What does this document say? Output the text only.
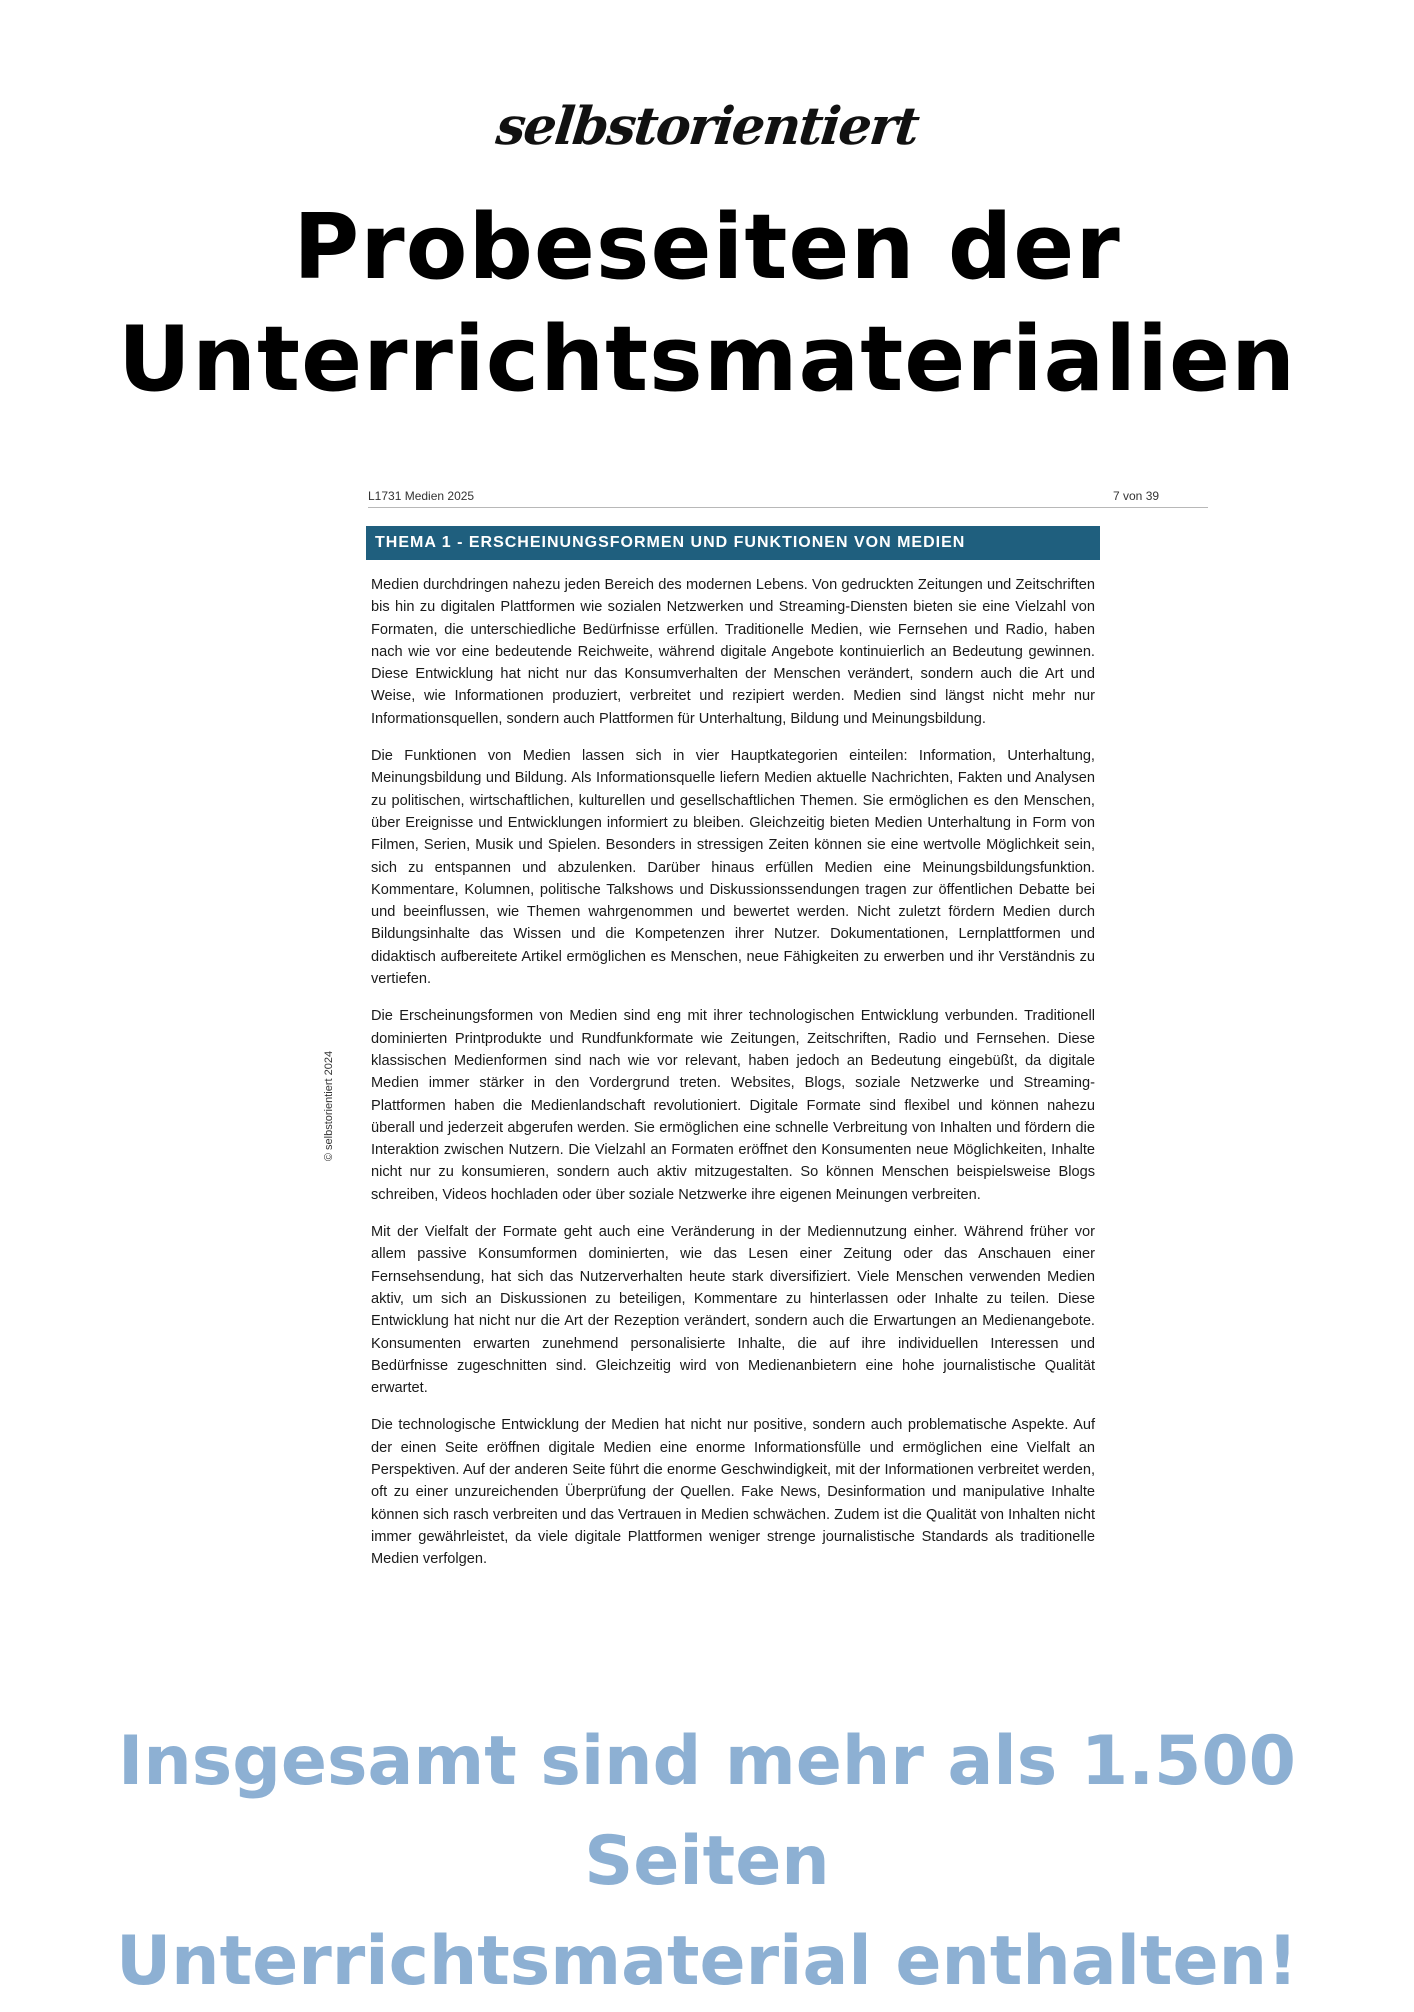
selbstorientiert
Probeseiten der
Unterrichtsmaterialien
L1731 Medien 2025	7 von 39
THEMA 1 - ERSCHEINUNGSFORMEN UND FUNKTIONEN VON MEDIEN

Medien durchdringen nahezu jeden Bereich des modernen Lebens. Von gedruckten Zeitungen und Zeitschriften bis hin zu digitalen Plattformen wie sozialen Netzwerken und Streaming-Diensten bieten sie eine Vielzahl von Formaten, die unterschiedliche Bedürfnisse erfüllen. Traditionelle Medien, wie Fernsehen und Radio, haben nach wie vor eine bedeutende Reichweite, während digitale Angebote kontinuierlich an Bedeutung gewinnen. Diese Entwicklung hat nicht nur das Konsumverhalten der Menschen verändert, sondern auch die Art und Weise, wie Informationen produziert, verbreitet und rezipiert werden. Medien sind längst nicht mehr nur Informationsquellen, sondern auch Plattformen für Unterhaltung, Bildung und Meinungsbildung.

Die Funktionen von Medien lassen sich in vier Hauptkategorien einteilen: Information, Unterhaltung, Meinungsbildung und Bildung. Als Informationsquelle liefern Medien aktuelle Nachrichten, Fakten und Analysen zu politischen, wirtschaftlichen, kulturellen und gesellschaftlichen Themen. Sie ermöglichen es den Menschen, über Ereignisse und Entwicklungen informiert zu bleiben. Gleichzeitig bieten Medien Unterhaltung in Form von Filmen, Serien, Musik und Spielen. Besonders in stressigen Zeiten können sie eine wertvolle Möglichkeit sein, sich zu entspannen und abzulenken. Darüber hinaus erfüllen Medien eine Meinungsbildungsfunktion. Kommentare, Kolumnen, politische Talkshows und Diskussionssendungen tragen zur öffentlichen Debatte bei und beeinflussen, wie Themen wahrgenommen und bewertet werden. Nicht zuletzt fördern Medien durch Bildungsinhalte das Wissen und die Kompetenzen ihrer Nutzer. Dokumentationen, Lernplattformen und didaktisch aufbereitete Artikel ermöglichen es Menschen, neue Fähigkeiten zu erwerben und ihr Verständnis zu vertiefen.

Die Erscheinungsformen von Medien sind eng mit ihrer technologischen Entwicklung verbunden. Traditionell dominierten Printprodukte und Rundfunkformate wie Zeitungen, Zeitschriften, Radio und Fernsehen. Diese klassischen Medienformen sind nach wie vor relevant, haben jedoch an Bedeutung eingebüßt, da digitale Medien immer stärker in den Vordergrund treten. Websites, Blogs, soziale Netzwerke und Streaming-Plattformen haben die Medienlandschaft revolutioniert. Digitale Formate sind flexibel und können nahezu überall und jederzeit abgerufen werden. Sie ermöglichen eine schnelle Verbreitung von Inhalten und fördern die Interaktion zwischen Nutzern. Die Vielzahl an Formaten eröffnet den Konsumenten neue Möglichkeiten, Inhalte nicht nur zu konsumieren, sondern auch aktiv mitzugestalten. So können Menschen beispielsweise Blogs schreiben, Videos hochladen oder über soziale Netzwerke ihre eigenen Meinungen verbreiten.

Mit der Vielfalt der Formate geht auch eine Veränderung in der Mediennutzung einher. Während früher vor allem passive Konsumformen dominierten, wie das Lesen einer Zeitung oder das Anschauen einer Fernsehsendung, hat sich das Nutzerverhalten heute stark diversifiziert. Viele Menschen verwenden Medien aktiv, um sich an Diskussionen zu beteiligen, Kommentare zu hinterlassen oder Inhalte zu teilen. Diese Entwicklung hat nicht nur die Art der Rezeption verändert, sondern auch die Erwartungen an Medienangebote. Konsumenten erwarten zunehmend personalisierte Inhalte, die auf ihre individuellen Interessen und Bedürfnisse zugeschnitten sind. Gleichzeitig wird von Medienanbietern eine hohe journalistische Qualität erwartet.

Die technologische Entwicklung der Medien hat nicht nur positive, sondern auch problematische Aspekte. Auf der einen Seite eröffnen digitale Medien eine enorme Informationsfülle und ermöglichen eine Vielfalt an Perspektiven. Auf der anderen Seite führt die enorme Geschwindigkeit, mit der Informationen verbreitet werden, oft zu einer unzureichenden Überprüfung der Quellen. Fake News, Desinformation und manipulative Inhalte können sich rasch verbreiten und das Vertrauen in Medien schwächen. Zudem ist die Qualität von Inhalten nicht immer gewährleistet, da viele digitale Plattformen weniger strenge journalistische Standards als traditionelle Medien verfolgen.

© selbstorientiert 2024
Insgesamt sind mehr als 1.500 Seiten
Unterrichtsmaterial enthalten!
